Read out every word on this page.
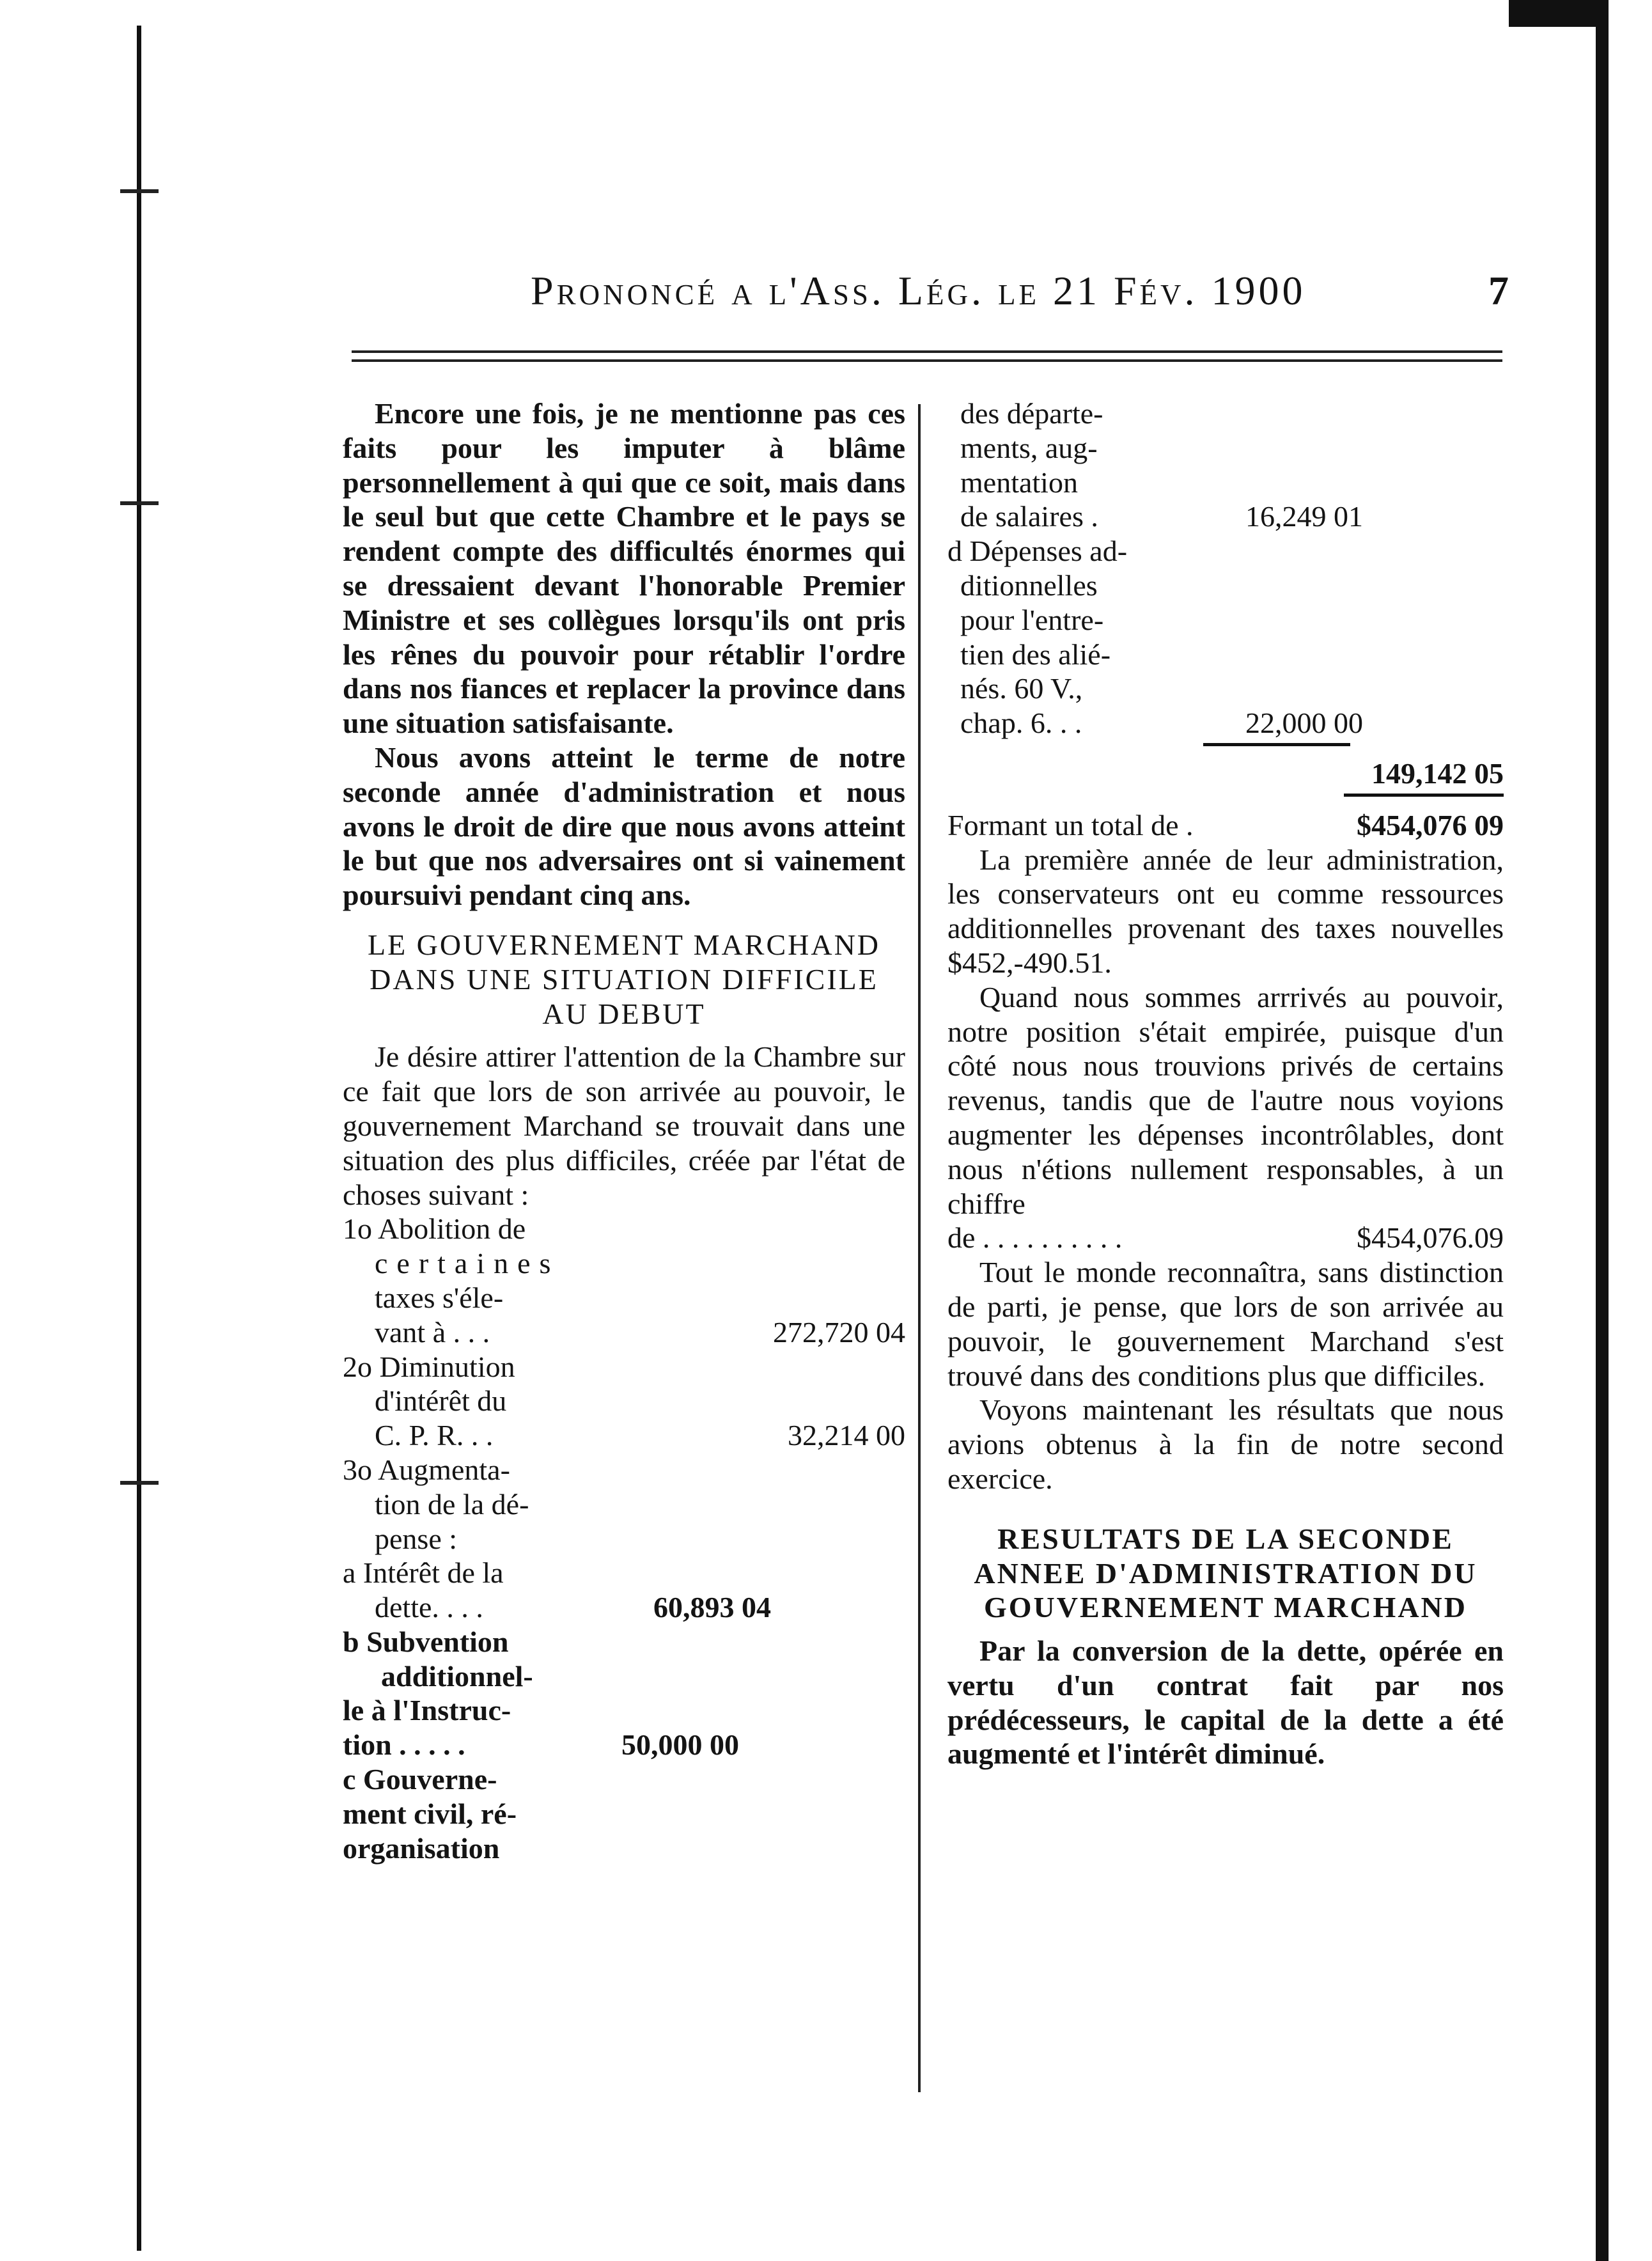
Prononcé a l'Ass. Lég. le 21 Fév. 1900	7

Encore une fois, je ne mentionne pas ces faits pour les imputer à blâme personnellement à qui que ce soit, mais dans le seul but que cette Chambre et le pays se rendent compte des difficultés énormes qui se dressaient devant l'honorable Premier Ministre et ses collègues lorsqu'ils ont pris les rênes du pouvoir pour rétablir l'ordre dans nos fiances et replacer la province dans une situation satisfaisante.

Nous avons atteint le terme de notre seconde année d'administration et nous avons le droit de dire que nous avons atteint le but que nos adversaires ont si vainement poursuivi pendant cinq ans.

LE GOUVERNEMENT MARCHAND DANS UNE SITUATION DIFFICILE AU DEBUT

Je désire attirer l'attention de la Chambre sur ce fait que lors de son arrivée au pouvoir, le gouvernement Marchand se trouvait dans une situation des plus difficiles, créée par l'état de choses suivant :

1o Abolition de
certaines
taxes s'éle-
vant à . . .	272,720 04
2o Diminution
d'intérêt du
C. P. R. . .	32,214 00
3o Augmenta-
tion de la dé-
pense :
a Intérêt de la
dette. . . .	60,893 04
b Subvention
additionnel-
le à l'Instruc-
tion . . . . .	50,000 00
c Gouverne-
ment civil, ré-
organisation
des départe-
ments, aug-
mentation
de salaires .	16,249 01
d Dépenses ad-
ditionnelles
pour l'entre-
tien des alié-
nés. 60 V.,
chap. 6. . .	22,000 00
149,142 05
Formant un total de .	$454,076 09

La première année de leur administration, les conservateurs ont eu comme ressources additionnelles provenant des taxes nouvelles $452,-490.51.

Quand nous sommes arrrivés au pouvoir, notre position s'était empirée, puisque d'un côté nous nous trouvions privés de certains revenus, tandis que de l'autre nous voyions augmenter les dépenses incontrôlables, dont nous n'étions nullement responsables, à un chiffre

de . . . . . . . . . .	$454,076.09

Tout le monde reconnaîtra, sans distinction de parti, je pense, que lors de son arrivée au pouvoir, le gouvernement Marchand s'est trouvé dans des conditions plus que difficiles.

Voyons maintenant les résultats que nous avions obtenus à la fin de notre second exercice.

RESULTATS DE LA SECONDE ANNEE D'ADMINISTRATION DU GOUVERNEMENT MARCHAND

Par la conversion de la dette, opérée en vertu d'un contrat fait par nos prédécesseurs, le capital de la dette a été augmenté et l'intérêt diminué.
